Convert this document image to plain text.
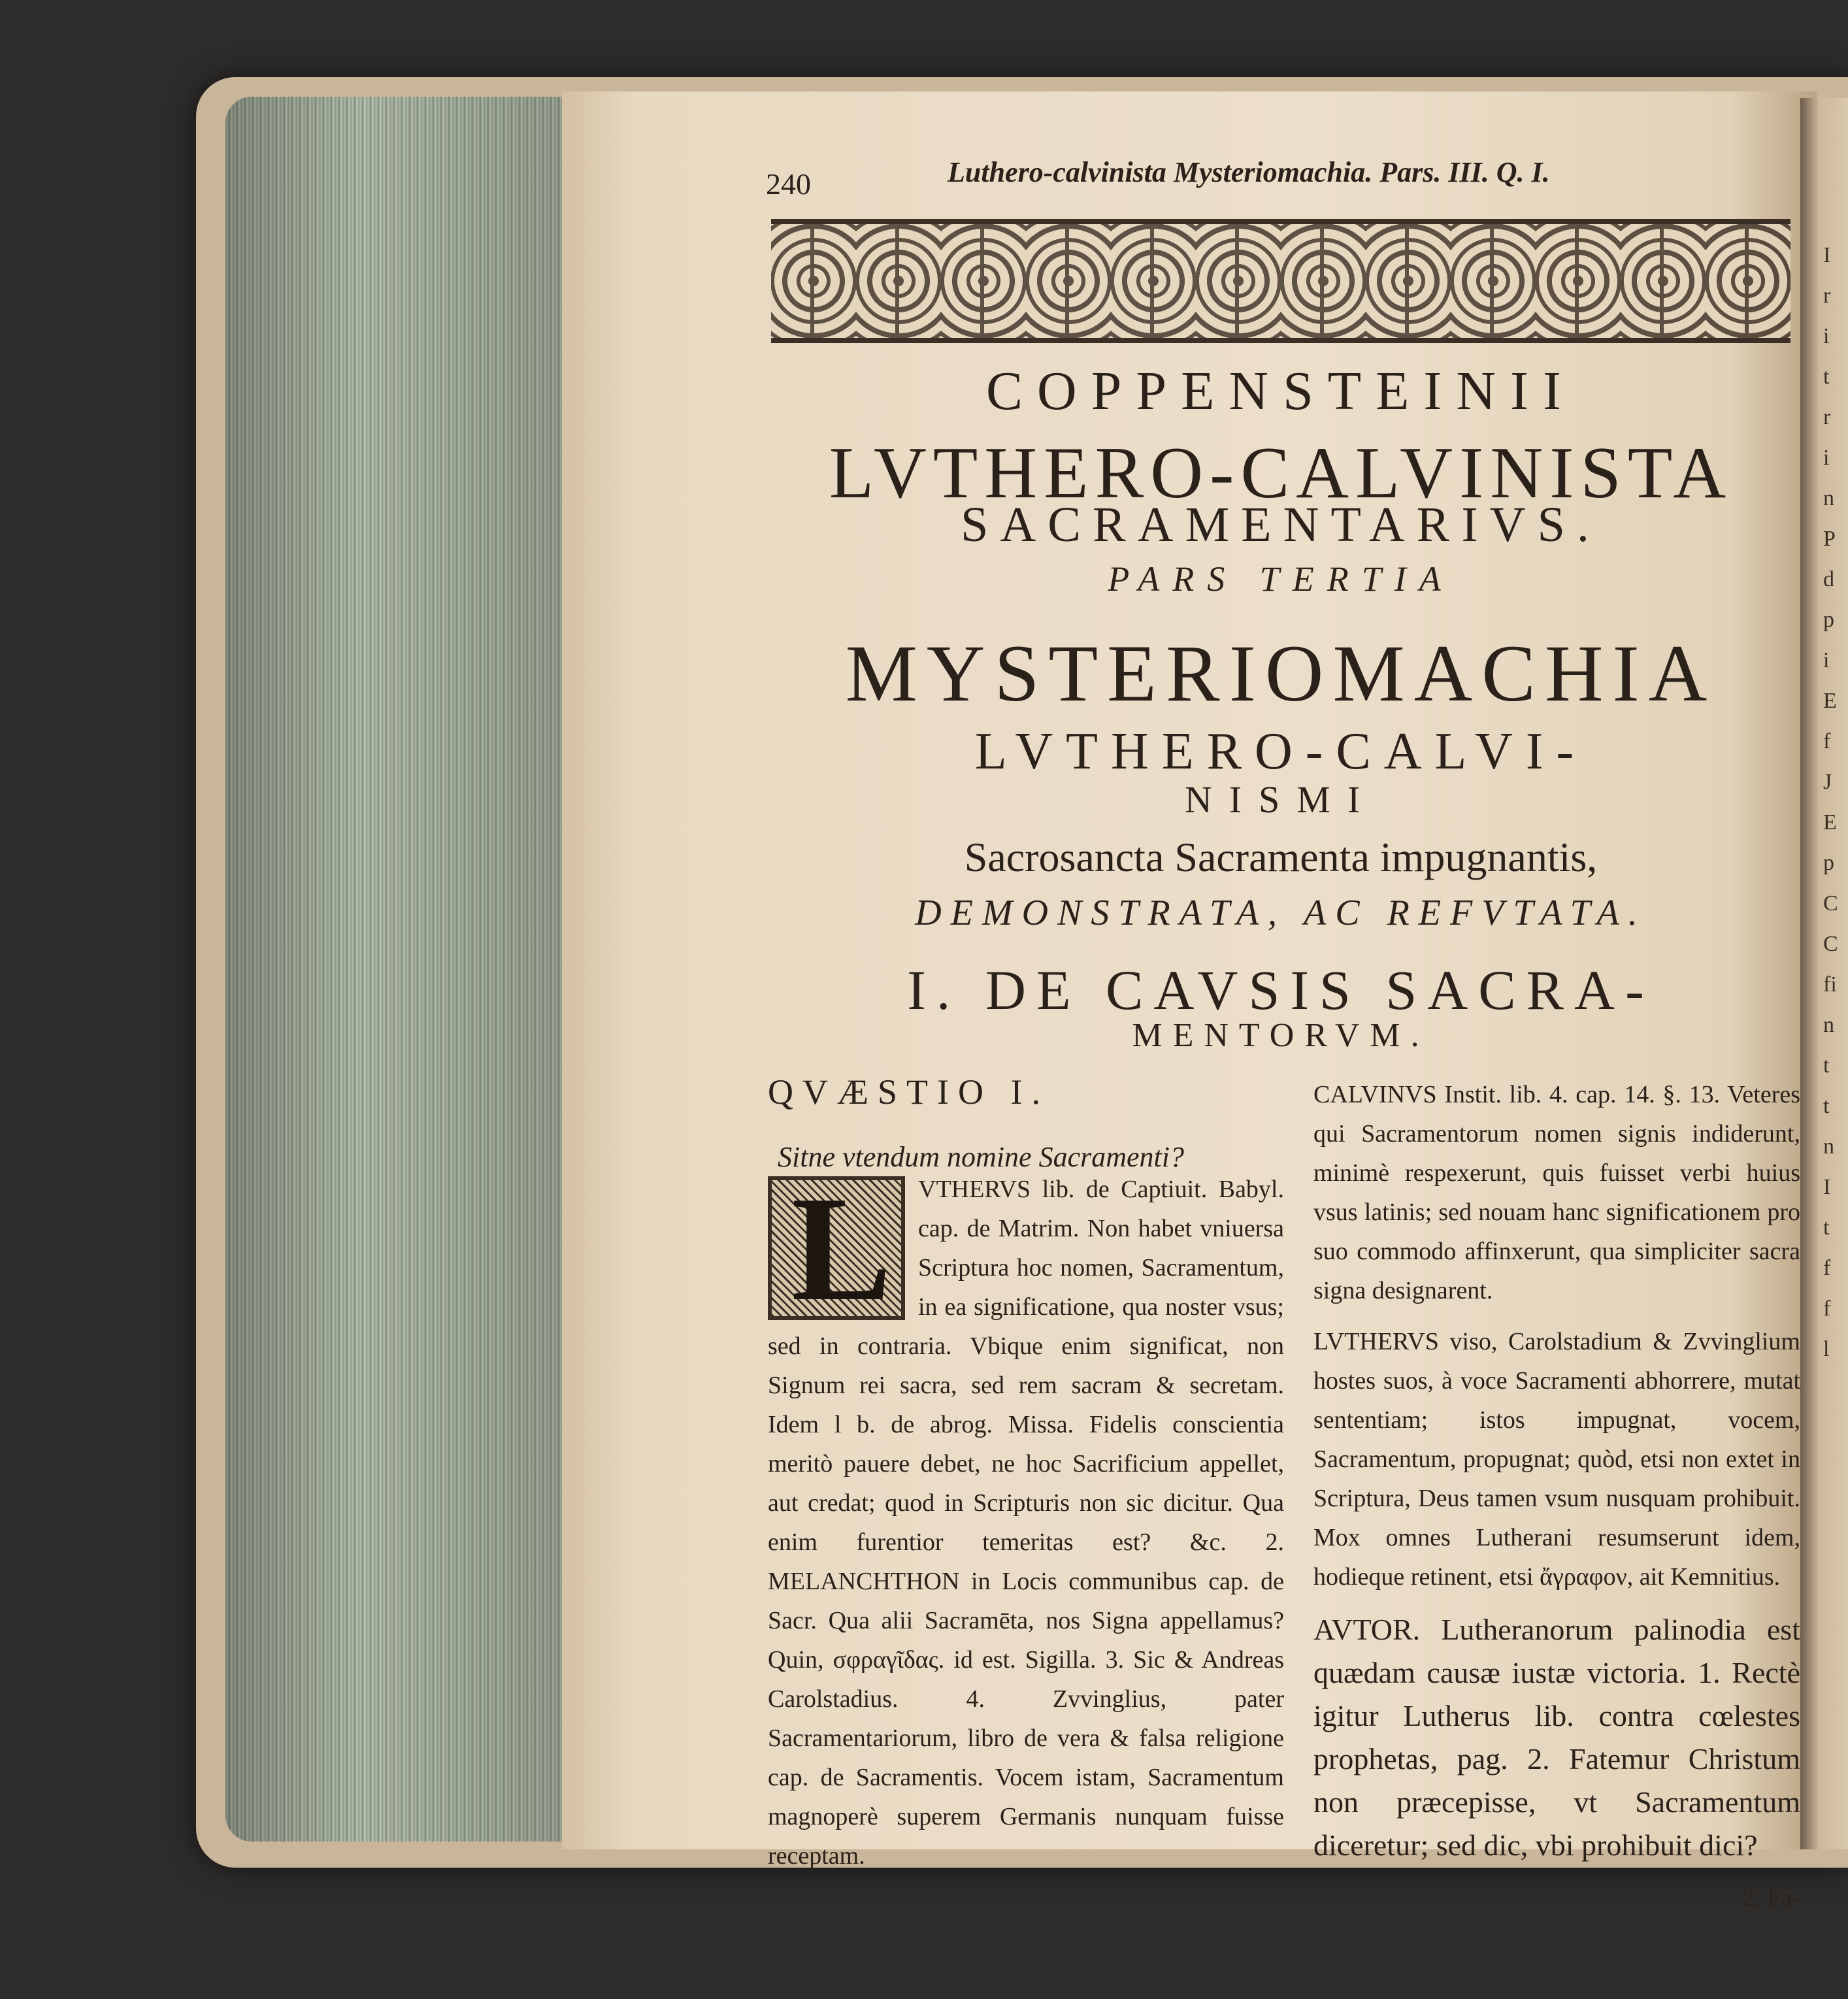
I
r
i
t
r
i
n
P
d
p
i
E
f
J
E
p
C
C
fi
n
t
t
n
I
t
f
f
l
240	Luthero-calvinista Mysteriomachia. Pars. III. Q. I.
COPPENSTEINII
LVTHERO-CALVINISTA
SACRAMENTARIVS.
PARS TERTIA
MYSTERIOMACHIA
LVTHERO-CALVI-
NISMI
Sacrosancta Sacramenta impugnantis,
DEMONSTRATA, AC REFVTATA.
I. DE CAVSIS SACRA-
MENTORVM.
QVÆSTIO I.
Sitne vtendum nomine Sacramenti?
L	VTHERVS lib. de Captiuit. Babyl. cap. de Matrim. Non habet vniuersa Scriptura hoc nomen, Sacramentum, in ea significatione, qua noster vsus; sed in contraria. Vbique enim significat, non Signum rei sacra, sed rem sacram & secretam. Idem l b. de abrog. Missa. Fidelis conscientia meritò pauere debet, ne hoc Sacrificium appellet, aut credat; quod in Scripturis non sic dicitur. Qua enim furentior temeritas est? &c. 2. MELANCHTHON in Locis communibus cap. de Sacr. Qua alii Sacramēta, nos Signa appellamus? Quin, σφραγῖδας. id est. Sigilla. 3. Sic & Andreas Carolstadius. 4. Zvvinglius, pater Sacramentariorum, libro de vera & falsa religione cap. de Sacramentis. Vocem istam, Sacramentum magnoperè superem Germanis nunquam fuisse receptam.

CALVINVS Instit. lib. 4. cap. 14. §. 13. Veteres qui Sacramentorum nomen signis indiderunt, minimè respexerunt, quis fuisset verbi huius vsus latinis; sed nouam hanc significationem pro suo commodo affinxerunt, qua simpliciter sacra signa designarent.

LVTHERVS viso, Carolstadium & Zvvinglium hostes suos, à voce Sacramenti abhorrere, mutat sententiam; istos impugnat, vocem, Sacramentum, propugnat; quòd, etsi non extet in Scriptura, Deus tamen vsum nusquam prohibuit. Mox omnes Lutherani resumserunt idem, hodieque retinent, etsi ἄγραφον, ait Kemnitius.

AVTOR. Lutheranorum palinodia est quædam causæ iustæ victoria. 1. Rectè igitur Lutherus lib. contra cœlestes prophetas, pag. 2. Fatemur Christum non præcepisse, vt Sacramentum diceretur; sed dic, vbi prohibuit dici?

2. Fa-
